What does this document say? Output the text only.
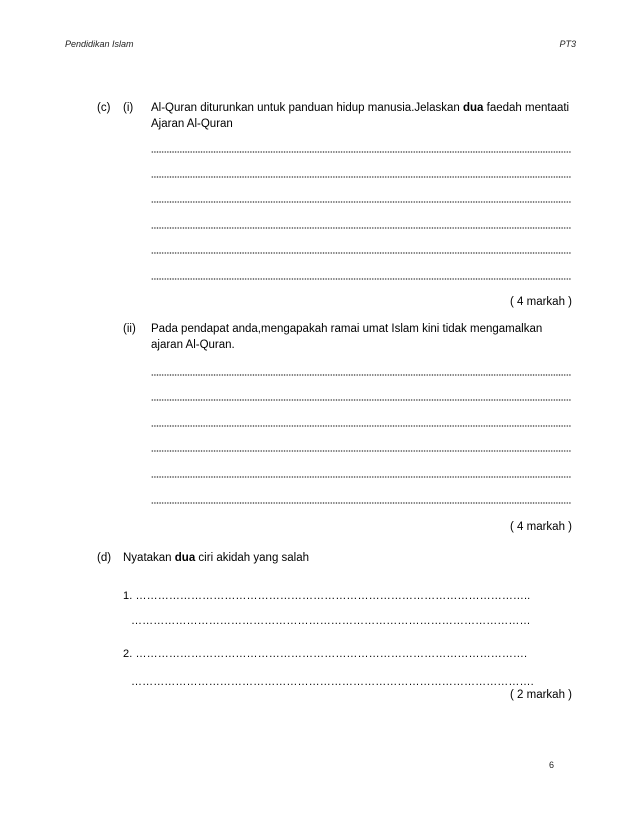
Pendidikan Islam	PT3
(c) (i) Al-Quran diturunkan untuk panduan hidup manusia.Jelaskan dua faedah mentaati
Ajaran Al-Quran
( 4 markah )
(ii) Pada pendapat anda,mengapakah ramai umat Islam kini tidak mengamalkan
ajaran Al-Quran.
( 4 markah )
(d) Nyatakan dua ciri akidah yang salah
1. ……………………………………………………………………………………………..
………………………………………………………………………………………………
2. …………………………………………………………………………………………….
……………………………………………………………………………………………….
( 2 markah )
6
